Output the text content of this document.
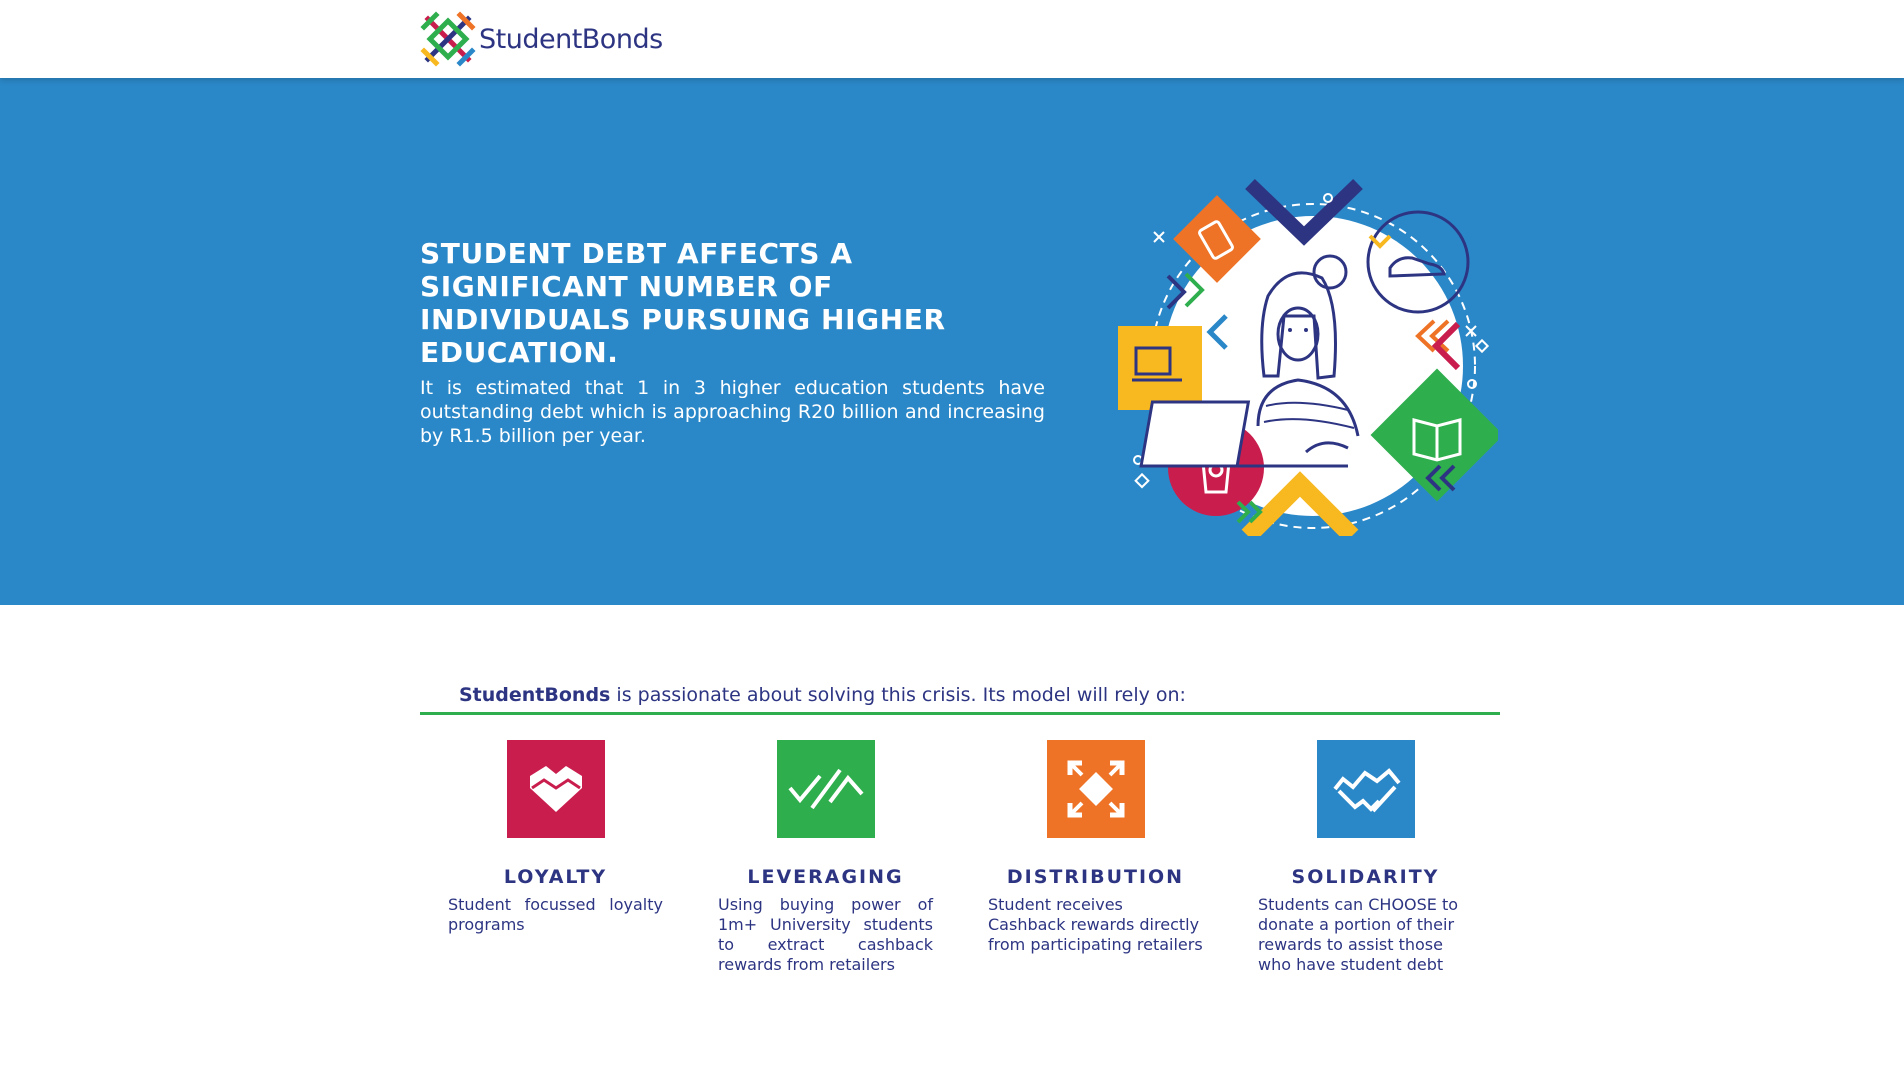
StudentBonds
STUDENT DEBT AFFECTS A SIGNIFICANT NUMBER OF INDIVIDUALS PURSUING HIGHER EDUCATION.

It is estimated that 1 in 3 higher education students have outstanding debt which is approaching R20 billion and increasing by R1.5 billion per year.

StudentBonds is passionate about solving this crisis. Its model will rely on:
LOYALTY

Student focussed loyalty programs

LEVERAGING

Using buying power of 1m+ University students to extract cashback rewards from retailers

DISTRIBUTION

Student receives Cashback rewards directly from participating retailers

SOLIDARITY

Students can CHOOSE to donate a portion of their rewards to assist those who have student debt
